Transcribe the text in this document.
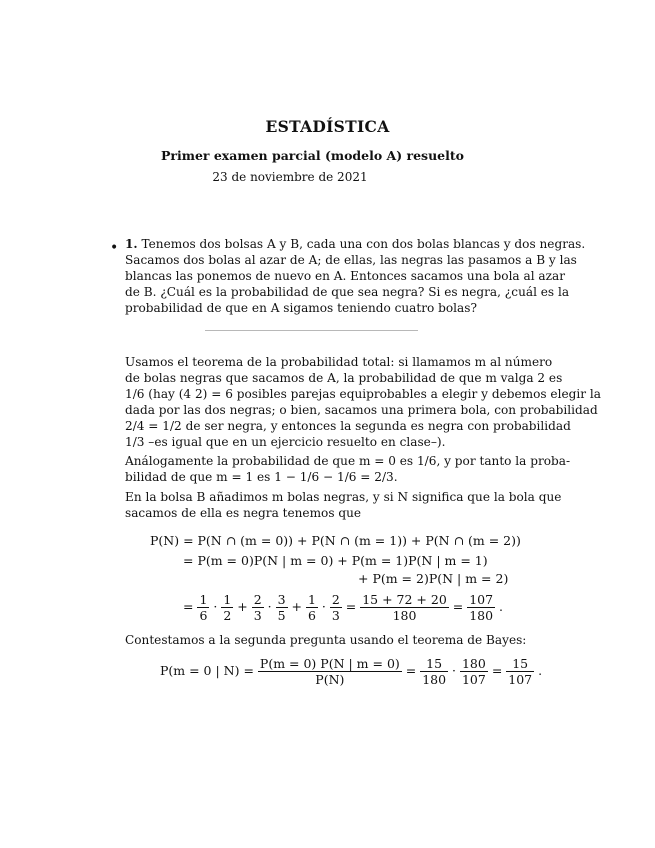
ESTADÍSTICA
Primer examen parcial (modelo A) resuelto
23 de noviembre de 2021
• 1. Tenemos dos bolsas A y B, cada una con dos bolas blancas y dos negras.
Sacamos dos bolas al azar de A; de ellas, las negras las pasamos a B y las
blancas las ponemos de nuevo en A. Entonces sacamos una bola al azar
de B. ¿Cuál es la probabilidad de que sea negra? Si es negra, ¿cuál es la
probabilidad de que en A sigamos teniendo cuatro bolas?
Usamos el teorema de la probabilidad total: si llamamos m al número
de bolas negras que sacamos de A, la probabilidad de que m valga 2 es
1/6 (hay (4 2) = 6 posibles parejas equiprobables a elegir y debemos elegir la
dada por las dos negras; o bien, sacamos una primera bola, con probabilidad
2/4 = 1/2 de ser negra, y entonces la segunda es negra con probabilidad
1/3 –es igual que en un ejercicio resuelto en clase–).
Análogamente la probabilidad de que m = 0 es 1/6, y por tanto la proba-
bilidad de que m = 1 es 1 − 1/6 − 1/6 = 2/3.
En la bolsa B añadimos m bolas negras, y si N significa que la bola que
sacamos de ella es negra tenemos que
P(N) = P(N ∩ (m = 0)) + P(N ∩ (m = 1)) + P(N ∩ (m = 2))
= P(m = 0)P(N | m = 0) + P(m = 1)P(N | m = 1)
+ P(m = 2)P(N | m = 2)
= $\frac{1}{6} \cdot \frac{1}{2} + \frac{2}{3} \cdot \frac{3}{5} + \frac{1}{6} \cdot \frac{2}{3} = \frac{15 + 72 + 20}{180} = \frac{107}{180}$ .
Contestamos a la segunda pregunta usando el teorema de Bayes:
P(m = 0 | $N) = \frac{P(m = 0) P(N | m = 0)}{P(N)} = \frac{15}{180} \cdot \frac{180}{107} = \frac{15}{107}$ .
